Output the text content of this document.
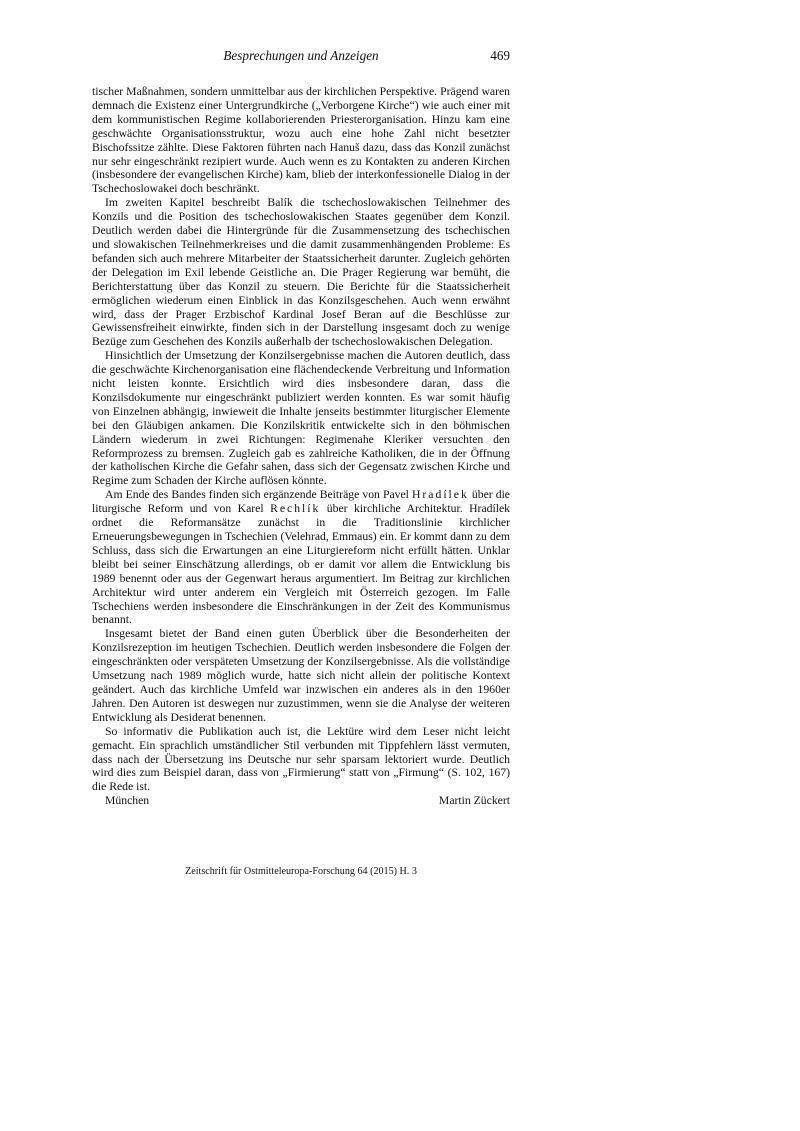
Besprechungen und Anzeigen	469

tischer Maßnahmen, sondern unmittelbar aus der kirchlichen Perspektive. Prägend waren demnach die Existenz einer Untergrundkirche („Verborgene Kirche“) wie auch einer mit dem kommunistischen Regime kollaborierenden Priesterorganisation. Hinzu kam eine geschwächte Organisationsstruktur, wozu auch eine hohe Zahl nicht besetzter Bischofssitze zählte. Diese Faktoren führten nach Hanuš dazu, dass das Konzil zunächst nur sehr eingeschränkt rezipiert wurde. Auch wenn es zu Kontakten zu anderen Kirchen (insbesondere der evangelischen Kirche) kam, blieb der interkonfessionelle Dialog in der Tschechoslowakei doch beschränkt.

Im zweiten Kapitel beschreibt Balík die tschechoslowakischen Teilnehmer des Konzils und die Position des tschechoslowakischen Staates gegenüber dem Konzil. Deutlich werden dabei die Hintergründe für die Zusammensetzung des tschechischen und slowakischen Teilnehmerkreises und die damit zusammenhängenden Probleme: Es befanden sich auch mehrere Mitarbeiter der Staatssicherheit darunter. Zugleich gehörten der Delegation im Exil lebende Geistliche an. Die Prager Regierung war bemüht, die Berichterstattung über das Konzil zu steuern. Die Berichte für die Staatssicherheit ermöglichen wiederum einen Einblick in das Konzilsgeschehen. Auch wenn erwähnt wird, dass der Prager Erzbischof Kardinal Josef Beran auf die Beschlüsse zur Gewissensfreiheit einwirkte, finden sich in der Darstellung insgesamt doch zu wenige Bezüge zum Geschehen des Konzils außerhalb der tschechoslowakischen Delegation.

Hinsichtlich der Umsetzung der Konzilsergebnisse machen die Autoren deutlich, dass die geschwächte Kirchenorganisation eine flächendeckende Verbreitung und Information nicht leisten konnte. Ersichtlich wird dies insbesondere daran, dass die Konzilsdokumente nur eingeschränkt publiziert werden konnten. Es war somit häufig von Einzelnen abhängig, inwieweit die Inhalte jenseits bestimmter liturgischer Elemente bei den Gläubigen ankamen. Die Konzilskritik entwickelte sich in den böhmischen Ländern wiederum in zwei Richtungen: Regimenahe Kleriker versuchten den Reformprozess zu bremsen. Zugleich gab es zahlreiche Katholiken, die in der Öffnung der katholischen Kirche die Gefahr sahen, dass sich der Gegensatz zwischen Kirche und Regime zum Schaden der Kirche auflösen könnte.

Am Ende des Bandes finden sich ergänzende Beiträge von Pavel Hradílek über die liturgische Reform und von Karel Rechlík über kirchliche Architektur. Hradílek ordnet die Reformansätze zunächst in die Traditionslinie kirchlicher Erneuerungsbewegungen in Tschechien (Velehrad, Emmaus) ein. Er kommt dann zu dem Schluss, dass sich die Erwartungen an eine Liturgiereform nicht erfüllt hätten. Unklar bleibt bei seiner Einschätzung allerdings, ob er damit vor allem die Entwicklung bis 1989 benennt oder aus der Gegenwart heraus argumentiert. Im Beitrag zur kirchlichen Architektur wird unter anderem ein Vergleich mit Österreich gezogen. Im Falle Tschechiens werden insbesondere die Einschränkungen in der Zeit des Kommunismus benannt.

Insgesamt bietet der Band einen guten Überblick über die Besonderheiten der Konzilsrezeption im heutigen Tschechien. Deutlich werden insbesondere die Folgen der eingeschränkten oder verspäteten Umsetzung der Konzilsergebnisse. Als die vollständige Umsetzung nach 1989 möglich wurde, hatte sich nicht allein der politische Kontext geändert. Auch das kirchliche Umfeld war inzwischen ein anderes als in den 1960er Jahren. Den Autoren ist deswegen nur zuzustimmen, wenn sie die Analyse der weiteren Entwicklung als Desiderat benennen.

So informativ die Publikation auch ist, die Lektüre wird dem Leser nicht leicht gemacht. Ein sprachlich umständlicher Stil verbunden mit Tippfehlern lässt vermuten, dass nach der Übersetzung ins Deutsche nur sehr sparsam lektoriert wurde. Deutlich wird dies zum Beispiel daran, dass von „Firmierung“ statt von „Firmung“ (S. 102, 167) die Rede ist.

München	Martin Zückert
Zeitschrift für Ostmitteleuropa-Forschung 64 (2015) H. 3
